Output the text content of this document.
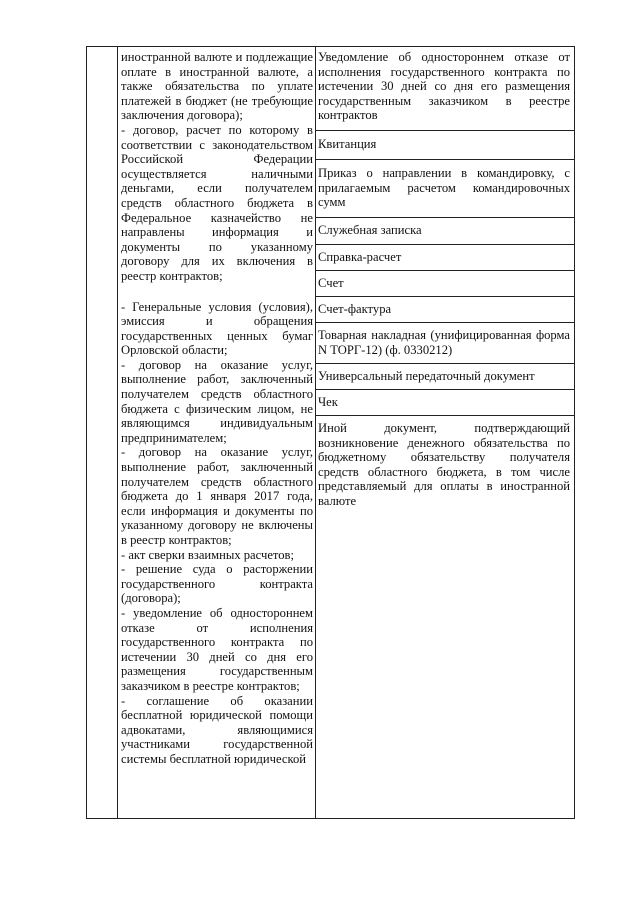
иностранной валюте и подлежащие оплате в иностранной валюте, а также обязательства по уплате платежей в бюджет (не требующие заключения договора);

- договор, расчет по которому в соответствии с законодательством Российской Федерации осуществляется наличными деньгами, если получателем средств областного бюджета в Федеральное казначейство не направлены информация и документы по указанному договору для их включения в реестр контрактов;

- Генеральные условия (условия), эмиссия и обращения государственных ценных бумаг Орловской области;

- договор на оказание услуг, выполнение работ, заключенный получателем средств областного бюджета с физическим лицом, не являющимся индивидуальным предпринимателем;

- договор на оказание услуг, выполнение работ, заключенный получателем средств областного бюджета до 1 января 2017 года, если информация и документы по указанному договору не включены в реестр контрактов;

- акт сверки взаимных расчетов;

- решение суда о расторжении государственного контракта (договора);

- уведомление об одностороннем отказе от исполнения государственного контракта по истечении 30 дней со дня его размещения государственным заказчиком в реестре контрактов;

- соглашение об оказании бесплатной юридической помощи адвокатами, являющимися участниками государственной системы бесплатной юридической

Уведомление об одностороннем отказе от исполнения государственного контракта по истечении 30 дней со дня его размещения государственным заказчиком в реестре контрактов
Квитанция
Приказ о направлении в командировку, с прилагаемым расчетом командировочных сумм
Служебная записка
Справка-расчет
Счет
Счет-фактура
Товарная накладная (унифицированная форма N ТОРГ-12) (ф. 0330212)
Универсальный передаточный документ
Чек
Иной документ, подтверждающий возникновение денежного обязательства по бюджетному обязательству получателя средств областного бюджета, в том числе представляемый для оплаты в иностранной валюте
